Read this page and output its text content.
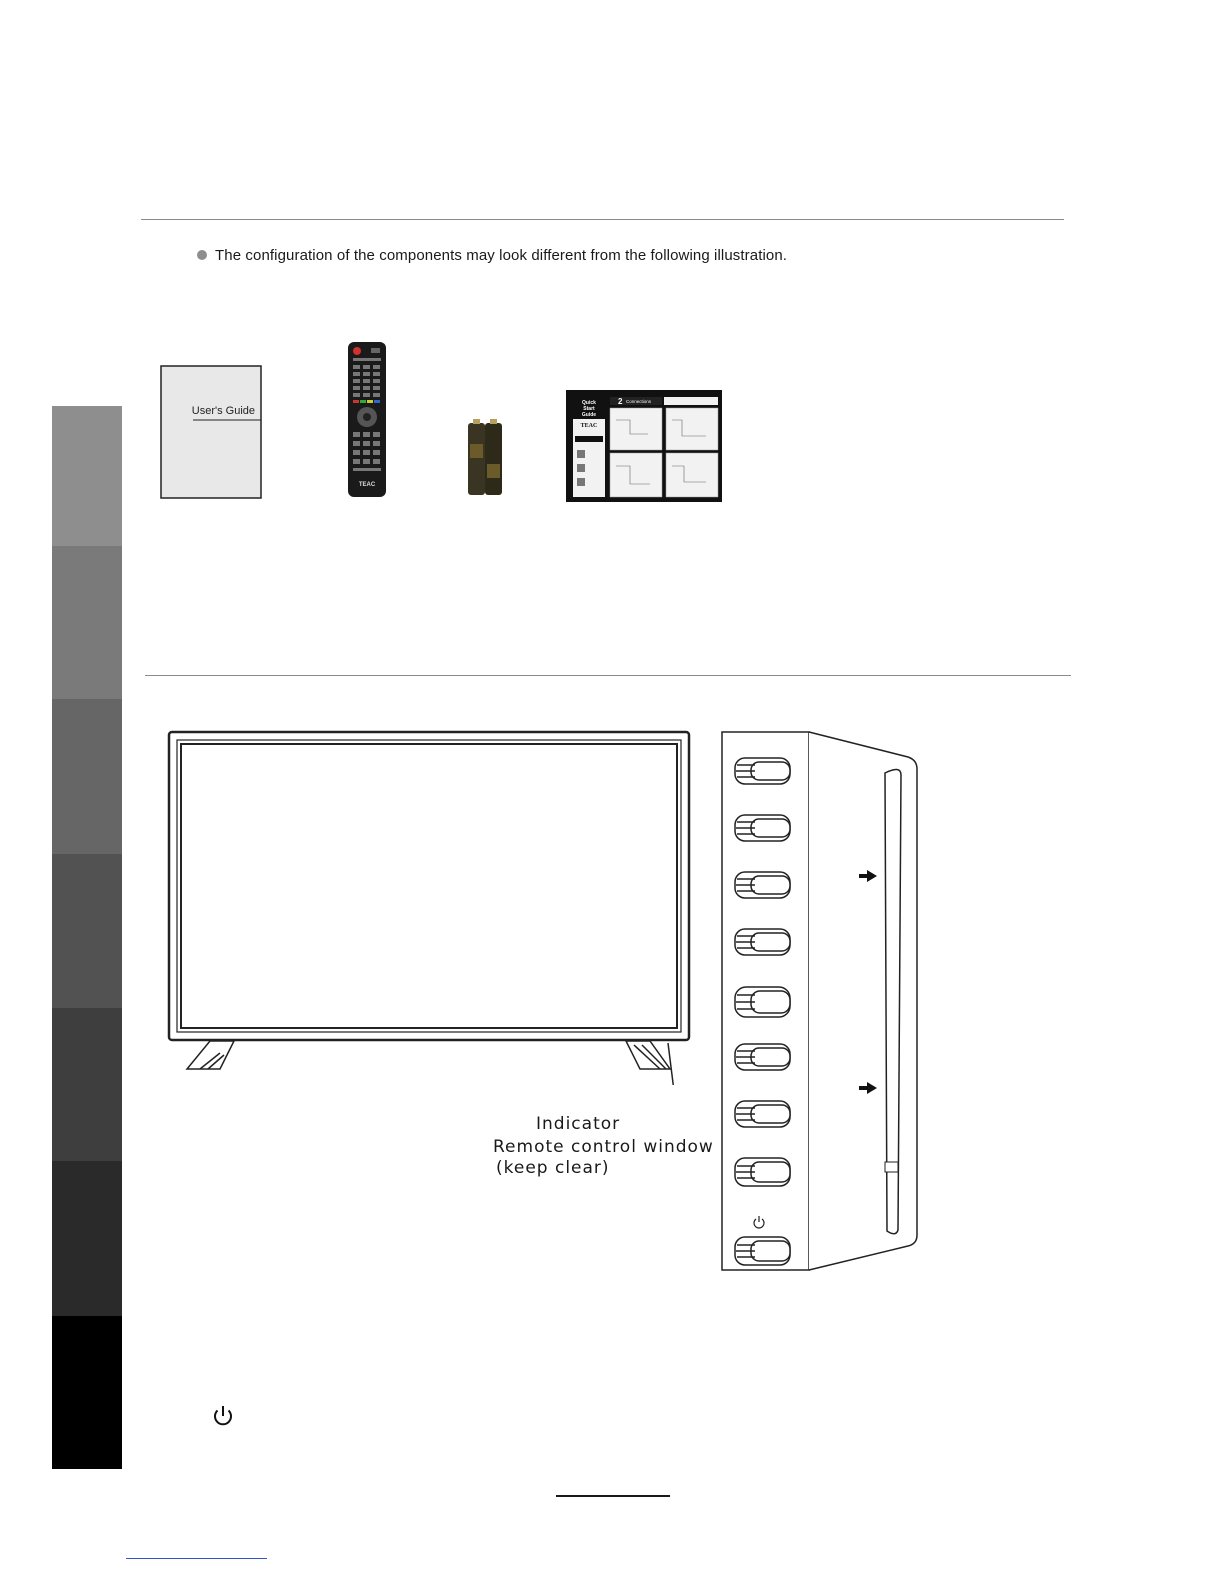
The configuration of the components may look different from the following illustration.
User's Guide
TEAC
Quick
Start
Guide
TEAC
2 Connections
Indicator
Remote control window
(keep clear)
